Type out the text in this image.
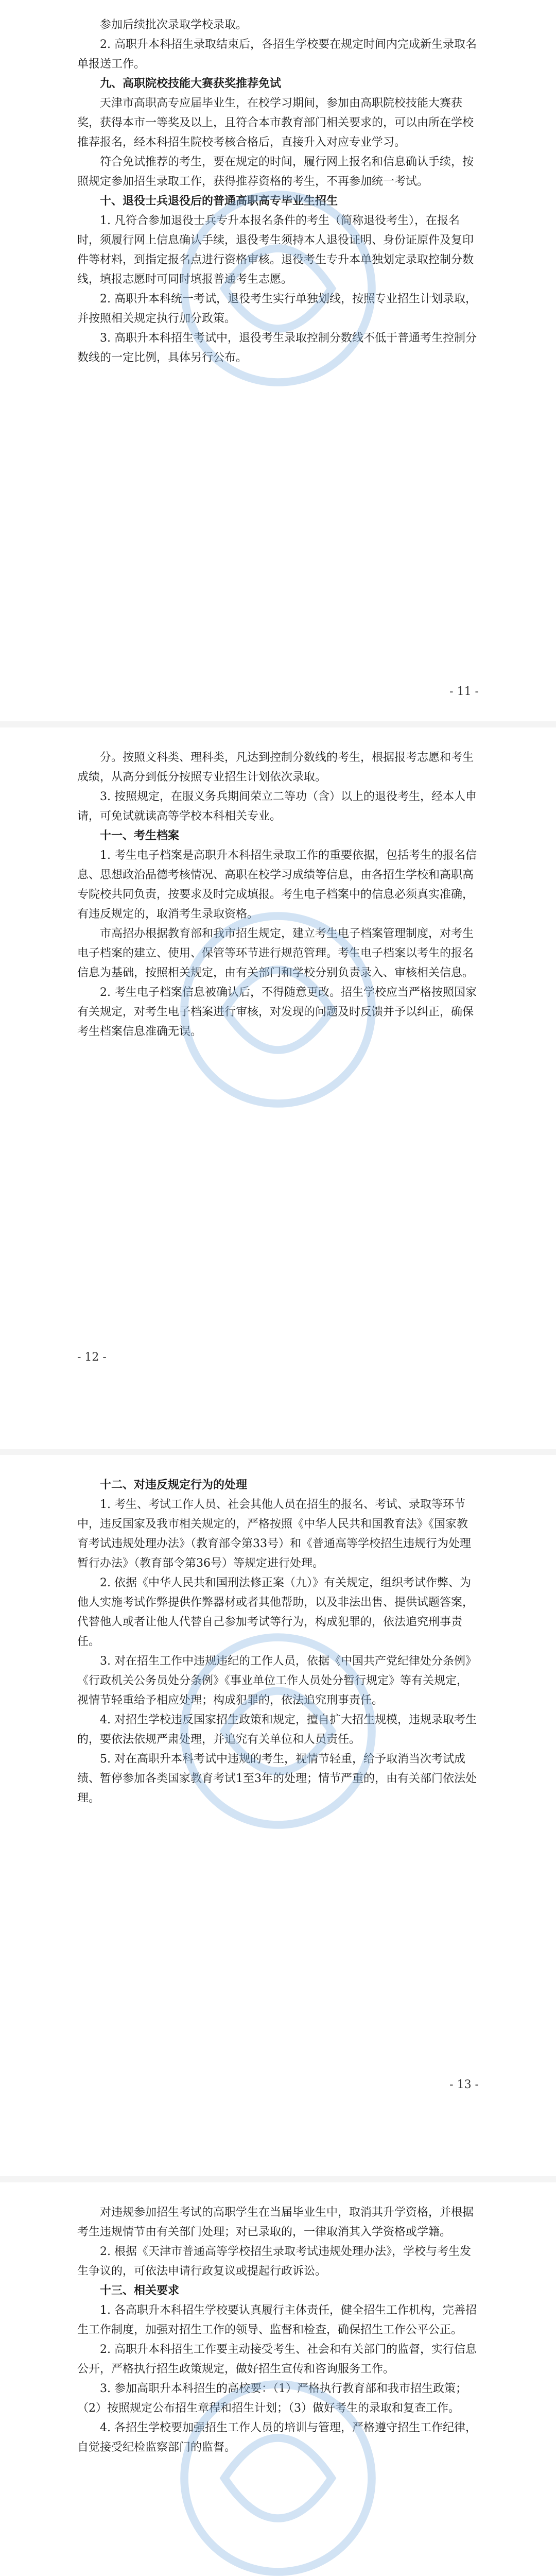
参加后续批次录取学校录取。

2. 高职升本科招生录取结束后，各招生学校要在规定时间内完成新生录取名单报送工作。

九、高职院校技能大赛获奖推荐免试

天津市高职高专应届毕业生，在校学习期间，参加由高职院校技能大赛获奖，获得本市一等奖及以上，且符合本市教育部门相关要求的，可以由所在学校推荐报名，经本科招生院校考核合格后，直接升入对应专业学习。

符合免试推荐的考生，要在规定的时间，履行网上报名和信息确认手续，按照规定参加招生录取工作，获得推荐资格的考生，不再参加统一考试。

十、退役士兵退役后的普通高职高专毕业生招生

1. 凡符合参加退役士兵专升本报名条件的考生（简称退役考生），在报名时，须履行网上信息确认手续，退役考生须持本人退役证明、身份证原件及复印件等材料，到指定报名点进行资格审核。退役考生专升本单独划定录取控制分数线，填报志愿时可同时填报普通考生志愿。

2. 高职升本科统一考试，退役考生实行单独划线，按照专业招生计划录取，并按照相关规定执行加分政策。

3. 高职升本科招生考试中，退役考生录取控制分数线不低于普通考生控制分数线的一定比例，具体另行公布。

- 11 -

分。按照文科类、理科类，凡达到控制分数线的考生，根据报考志愿和考生成绩，从高分到低分按照专业招生计划依次录取。

3. 按照规定，在服义务兵期间荣立二等功（含）以上的退役考生，经本人申请，可免试就读高等学校本科相关专业。

十一、考生档案

1. 考生电子档案是高职升本科招生录取工作的重要依据，包括考生的报名信息、思想政治品德考核情况、高职在校学习成绩等信息，由各招生学校和高职高专院校共同负责，按要求及时完成填报。考生电子档案中的信息必须真实准确，有违反规定的，取消考生录取资格。

市高招办根据教育部和我市招生规定，建立考生电子档案管理制度，对考生电子档案的建立、使用、保管等环节进行规范管理。考生电子档案以考生的报名信息为基础，按照相关规定，由有关部门和学校分别负责录入、审核相关信息。

2. 考生电子档案信息被确认后，不得随意更改。招生学校应当严格按照国家有关规定，对考生电子档案进行审核，对发现的问题及时反馈并予以纠正，确保考生档案信息准确无误。

- 12 -
十二、对违反规定行为的处理

1. 考生、考试工作人员、社会其他人员在招生的报名、考试、录取等环节中，违反国家及我市相关规定的，严格按照《中华人民共和国教育法》《国家教育考试违规处理办法》（教育部令第33号）和《普通高等学校招生违规行为处理暂行办法》（教育部令第36号）等规定进行处理。

2. 依据《中华人民共和国刑法修正案（九）》有关规定，组织考试作弊、为他人实施考试作弊提供作弊器材或者其他帮助，以及非法出售、提供试题答案，代替他人或者让他人代替自己参加考试等行为，构成犯罪的，依法追究刑事责任。

3. 对在招生工作中违规违纪的工作人员，依据《中国共产党纪律处分条例》《行政机关公务员处分条例》《事业单位工作人员处分暂行规定》等有关规定，视情节轻重给予相应处理；构成犯罪的，依法追究刑事责任。

4. 对招生学校违反国家招生政策和规定，擅自扩大招生规模，违规录取考生的，要依法依规严肃处理，并追究有关单位和人员责任。

5. 对在高职升本科考试中违规的考生，视情节轻重，给予取消当次考试成绩、暂停参加各类国家教育考试1至3年的处理；情节严重的，由有关部门依法处理。

- 13 -

对违规参加招生考试的高职学生在当届毕业生中，取消其升学资格，并根据考生违规情节由有关部门处理；对已录取的，一律取消其入学资格或学籍。

2. 根据《天津市普通高等学校招生录取考试违规处理办法》，学校与考生发生争议的，可依法申请行政复议或提起行政诉讼。

十三、相关要求

1. 各高职升本科招生学校要认真履行主体责任，健全招生工作机构，完善招生工作制度，加强对招生工作的领导、监督和检查，确保招生工作公平公正。

2. 高职升本科招生工作要主动接受考生、社会和有关部门的监督，实行信息公开，严格执行招生政策规定，做好招生宣传和咨询服务工作。

3. 参加高职升本科招生的高校要：（1）严格执行教育部和我市招生政策；（2）按照规定公布招生章程和招生计划；（3）做好考生的录取和复查工作。

4. 各招生学校要加强招生工作人员的培训与管理，严格遵守招生工作纪律，自觉接受纪检监察部门的监督。
